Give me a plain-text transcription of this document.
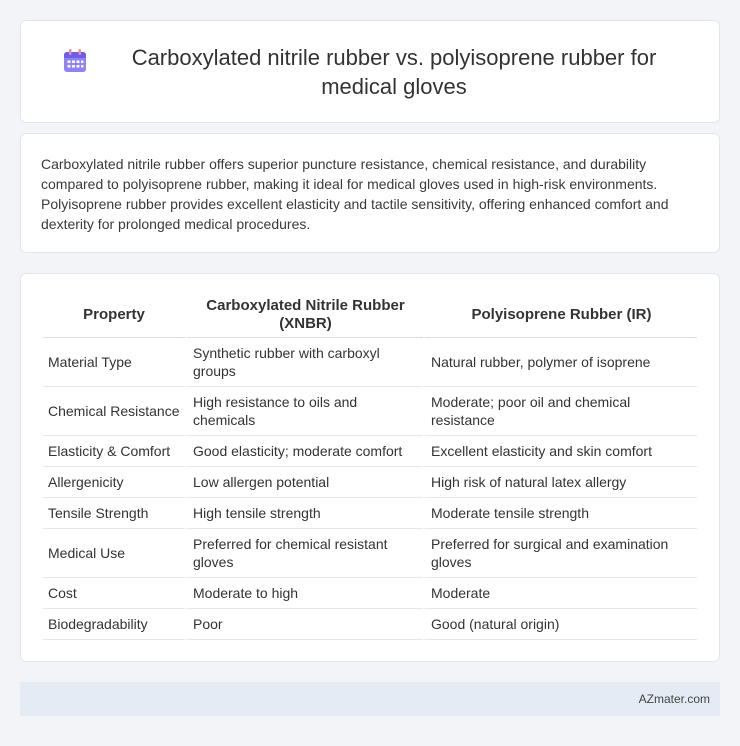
Carboxylated nitrile rubber vs. polyisoprene rubber for medical gloves

Carboxylated nitrile rubber offers superior puncture resistance, chemical resistance, and durability compared to polyisoprene rubber, making it ideal for medical gloves used in high-risk environments. Polyisoprene rubber provides excellent elasticity and tactile sensitivity, offering enhanced comfort and dexterity for prolonged medical procedures.

Property	Carboxylated Nitrile Rubber (XNBR)	Polyisoprene Rubber (IR)
Material Type	Synthetic rubber with carboxyl groups	Natural rubber, polymer of isoprene
Chemical Resistance	High resistance to oils and chemicals	Moderate; poor oil and chemical resistance
Elasticity & Comfort	Good elasticity; moderate comfort	Excellent elasticity and skin comfort
Allergenicity	Low allergen potential	High risk of natural latex allergy
Tensile Strength	High tensile strength	Moderate tensile strength
Medical Use	Preferred for chemical resistant gloves	Preferred for surgical and examination gloves
Cost	Moderate to high	Moderate
Biodegradability	Poor	Good (natural origin)
AZmater.com
